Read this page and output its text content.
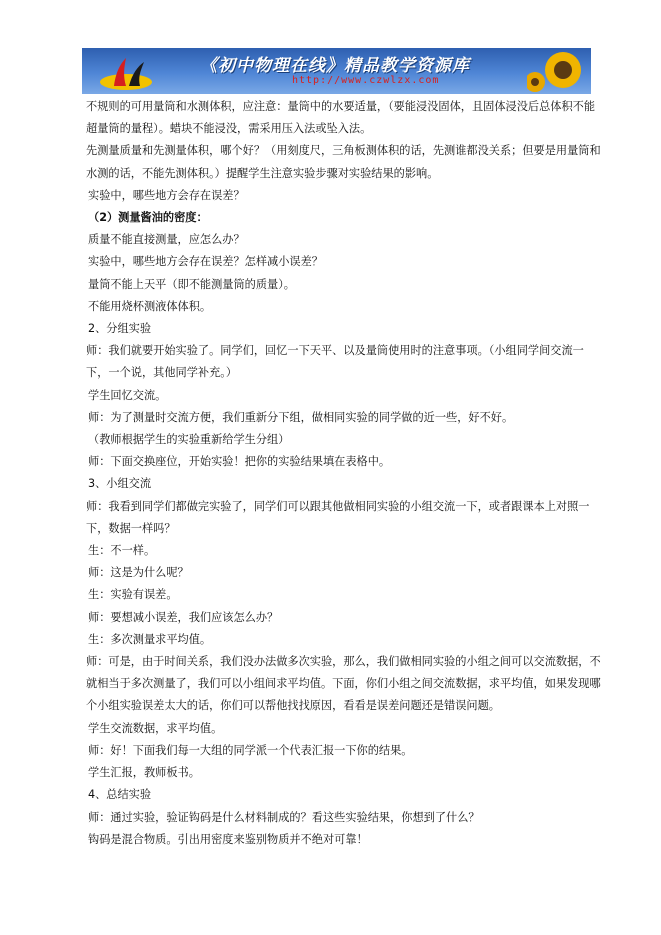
《初中物理在线》精品教学资源库
http://www.czwlzx.com

不规则的可用量筒和水测体积，应注意：量筒中的水要适量，（要能浸没固体，且固体浸没后总体积不能超量筒的量程）。蜡块不能浸没，需采用压入法或坠入法。

先测量质量和先测量体积，哪个好？（用刻度尺，三角板测体积的话，先测谁都没关系；但要是用量筒和水测的话，不能先测体积。）提醒学生注意实验步骤对实验结果的影响。

实验中，哪些地方会存在误差？

（2）测量酱油的密度：

质量不能直接测量，应怎么办？

实验中，哪些地方会存在误差？怎样减小误差？

量筒不能上天平（即不能测量筒的质量）。

不能用烧杯测液体体积。

2、分组实验

师：我们就要开始实验了。同学们，回忆一下天平、以及量筒使用时的注意事项。（小组同学间交流一下，一个说，其他同学补充。）

学生回忆交流。

师：为了测量时交流方便，我们重新分下组，做相同实验的同学做的近一些，好不好。

（教师根据学生的实验重新给学生分组）

师：下面交换座位，开始实验！把你的实验结果填在表格中。

3、小组交流

师：我看到同学们都做完实验了，同学们可以跟其他做相同实验的小组交流一下，或者跟课本上对照一下，数据一样吗？

生：不一样。

师：这是为什么呢？

生：实验有误差。

师：要想减小误差，我们应该怎么办？

生：多次测量求平均值。

师：可是，由于时间关系，我们没办法做多次实验，那么，我们做相同实验的小组之间可以交流数据，不就相当于多次测量了，我们可以小组间求平均值。下面，你们小组之间交流数据，求平均值，如果发现哪个小组实验误差太大的话，你们可以帮他找找原因，看看是误差问题还是错误问题。

学生交流数据，求平均值。

师：好！下面我们每一大组的同学派一个代表汇报一下你的结果。

学生汇报，教师板书。

4、总结实验

师：通过实验，验证钩码是什么材料制成的？看这些实验结果，你想到了什么？

钩码是混合物质。引出用密度来鉴别物质并不绝对可靠！
